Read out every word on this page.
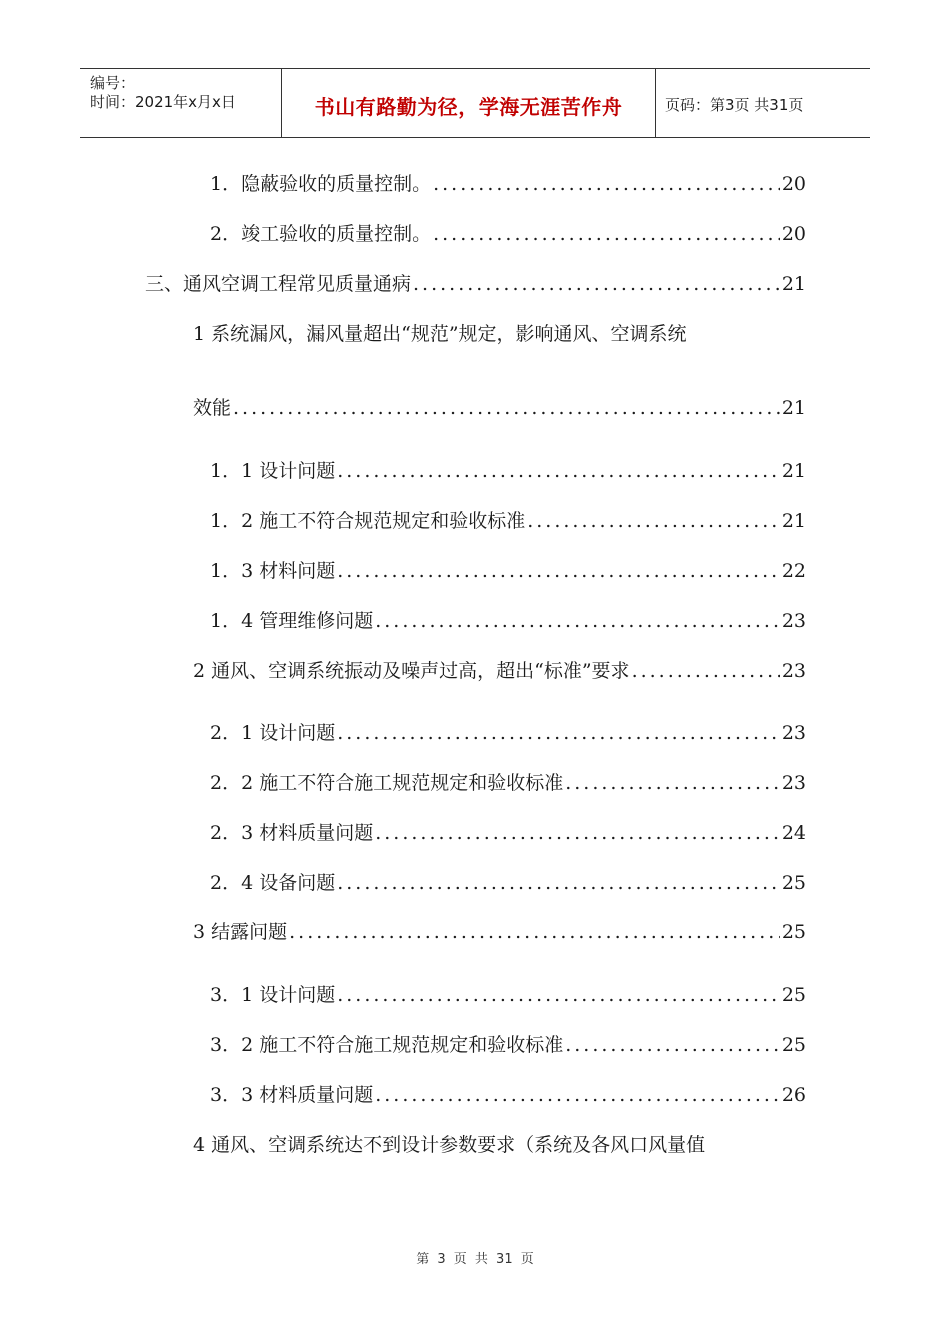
编号：
时间：2021年x月x日	书山有路勤为径，学海无涯苦作舟	页码：第3页 共31页
1．隐蔽验收的质量控制。 .....	20
2．竣工验收的质量控制。 .....	20
三、通风空调工程常见质量通病 .....	21
1 系统漏风，漏风量超出“规范”规定，影响通风、空调系统
效能 .....	21
1．1 设计问题 .....	21
1．2 施工不符合规范规定和验收标准 .....	21
1．3 材料问题 .....	22
1．4 管理维修问题 .....	23
2 通风、空调系统振动及噪声过高，超出“标准”要求 .....	23
2．1 设计问题 .....	23
2．2 施工不符合施工规范规定和验收标准 .....	23
2．3 材料质量问题 .....	24
2．4 设备问题 .....	25
3 结露问题 .....	25
3．1 设计问题 .....	25
3．2 施工不符合施工规范规定和验收标准 .....	25
3．3 材料质量问题 .....	26
4 通风、空调系统达不到设计参数要求（系统及各风口风量值
第 3 页 共 31 页
